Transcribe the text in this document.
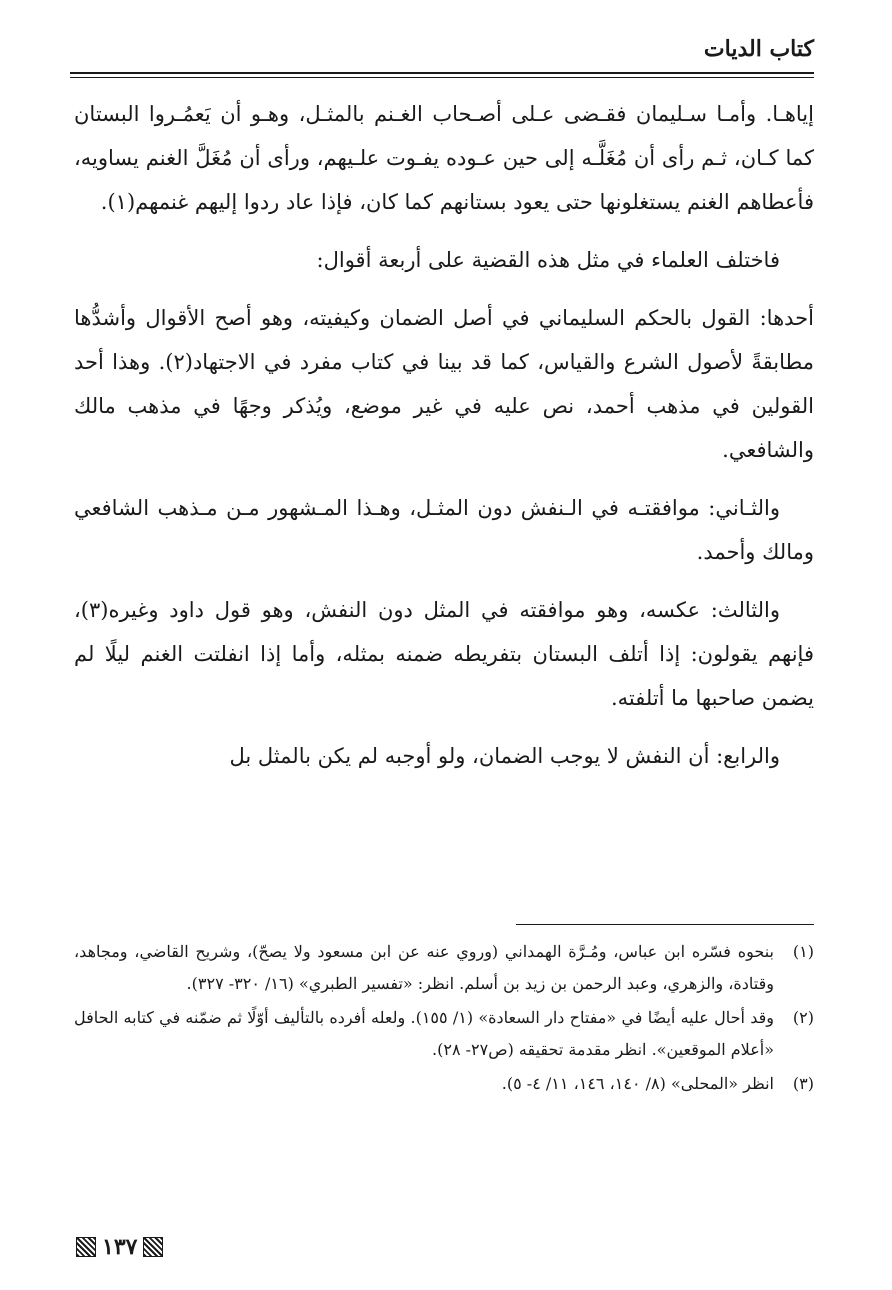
كتاب الديات

إياهـا. وأمـا سـليمان فقـضى عـلى أصـحاب الغـنم بالمثـل، وهـو أن يَعمُـروا البستان كما كـان، ثـم رأى أن مُغَلَّـه إلى حين عـوده يفـوت علـيهم، ورأى أن مُغَلَّ الغنم يساويه، فأعطاهم الغنم يستغلونها حتى يعود بستانهم كما كان، فإذا عاد ردوا إليهم غنمهم(١).

فاختلف العلماء في مثل هذه القضية على أربعة أقوال:

أحدها: القول بالحكم السليماني في أصل الضمان وكيفيته، وهو أصح الأقوال وأشدُّها مطابقةً لأصول الشرع والقياس، كما قد بينا في كتاب مفرد في الاجتهاد(٢). وهذا أحد القولين في مذهب أحمد، نص عليه في غير موضع، ويُذكر وجهًا في مذهب مالك والشافعي.

والثـاني: موافقتـه في الـنفش دون المثـل، وهـذا المـشهور مـن مـذهب الشافعي ومالك وأحمد.

والثالث: عكسه، وهو موافقته في المثل دون النفش، وهو قول داود وغيره(٣)، فإنهم يقولون: إذا أتلف البستان بتفريطه ضمنه بمثله، وأما إذا انفلتت الغنم ليلًا لم يضمن صاحبها ما أتلفته.

والرابع: أن النفش لا يوجب الضمان، ولو أوجبه لم يكن بالمثل بل

(١)
بنحوه فسّره ابن عباس، ومُـرَّة الهمداني (وروي عنه عن ابن مسعود ولا يصحّ)، وشريح القاضي، ومجاهد، وقتادة، والزهري، وعبد الرحمن بن زيد بن أسلم. انظر: «تفسير الطبري» (١٦/ ٣٢٠- ٣٢٧).
(٢)
وقد أحال عليه أيضًا في «مفتاح دار السعادة» (١/ ١٥٥). ولعله أفرده بالتأليف أوّلًا ثم ضمّنه في كتابه الحافل «أعلام الموقعين». انظر مقدمة تحقيقه (ص٢٧- ٢٨).
(٣)
انظر «المحلى» (٨/ ١٤٠، ١٤٦، ١١/ ٤- ٥).
١٣٧
